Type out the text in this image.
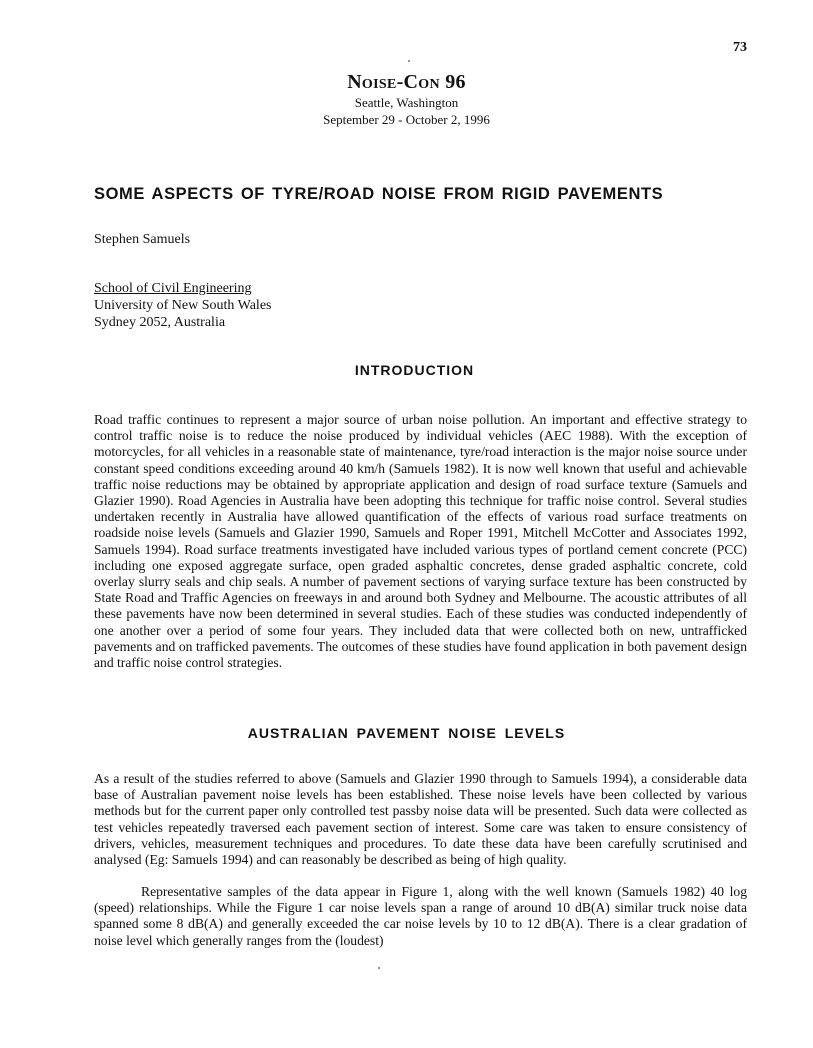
73
Noise-Con 96
Seattle, Washington
September 29 - October 2, 1996
SOME ASPECTS OF TYRE/ROAD NOISE FROM RIGID PAVEMENTS
Stephen Samuels
School of Civil Engineering
University of New South Wales
Sydney 2052, Australia
INTRODUCTION

Road traffic continues to represent a major source of urban noise pollution. An important and effective strategy to control traffic noise is to reduce the noise produced by individual vehicles (AEC 1988). With the exception of motorcycles, for all vehicles in a reasonable state of maintenance, tyre/road interaction is the major noise source under constant speed conditions exceeding around 40 km/h (Samuels 1982). It is now well known that useful and achievable traffic noise reductions may be obtained by appropriate application and design of road surface texture (Samuels and Glazier 1990). Road Agencies in Australia have been adopting this technique for traffic noise control. Several studies undertaken recently in Australia have allowed quantification of the effects of various road surface treatments on roadside noise levels (Samuels and Glazier 1990, Samuels and Roper 1991, Mitchell McCotter and Associates 1992, Samuels 1994). Road surface treatments investigated have included various types of portland cement concrete (PCC) including one exposed aggregate surface, open graded asphaltic concretes, dense graded asphaltic concrete, cold overlay slurry seals and chip seals. A number of pavement sections of varying surface texture has been constructed by State Road and Traffic Agencies on freeways in and around both Sydney and Melbourne. The acoustic attributes of all these pavements have now been determined in several studies. Each of these studies was conducted independently of one another over a period of some four years. They included data that were collected both on new, untrafficked pavements and on trafficked pavements. The outcomes of these studies have found application in both pavement design and traffic noise control strategies.

AUSTRALIAN PAVEMENT NOISE LEVELS

As a result of the studies referred to above (Samuels and Glazier 1990 through to Samuels 1994), a considerable data base of Australian pavement noise levels has been established. These noise levels have been collected by various methods but for the current paper only controlled test passby noise data will be presented. Such data were collected as test vehicles repeatedly traversed each pavement section of interest. Some care was taken to ensure consistency of drivers, vehicles, measurement techniques and procedures. To date these data have been carefully scrutinised and analysed (Eg: Samuels 1994) and can reasonably be described as being of high quality.

Representative samples of the data appear in Figure 1, along with the well known (Samuels 1982) 40 log (speed) relationships. While the Figure 1 car noise levels span a range of around 10 dB(A) similar truck noise data spanned some 8 dB(A) and generally exceeded the car noise levels by 10 to 12 dB(A). There is a clear gradation of noise level which generally ranges from the (loudest)
